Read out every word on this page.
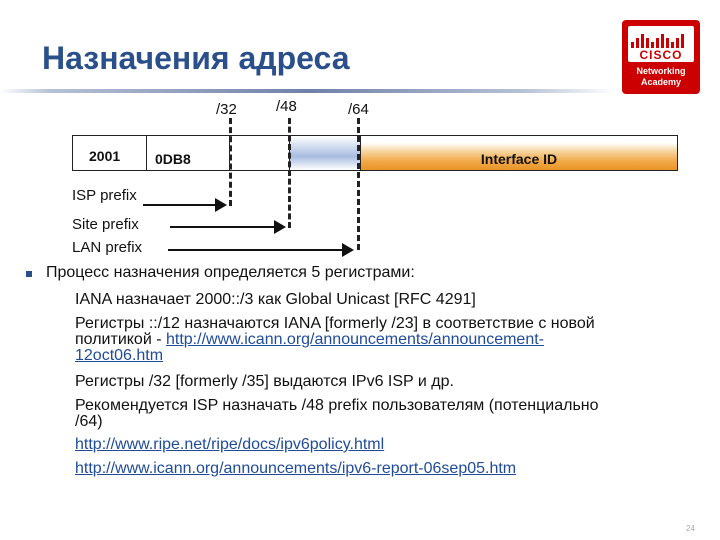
Назначения адреса	CISCO
Networking
Academy
/32	/48	/64
2001	0DB8	Interface ID
ISP prefix
Site prefix
LAN prefix
Процесс назначения определяется 5 регистрами:
IANA назначает 2000::/3 как Global Unicast [RFC 4291]
Регистры ::/12 назначаются IANA [formerly /23] в соответствие с новой
политикой - http://www.icann.org/announcements/announcement-
12oct06.htm
Регистры /32 [formerly /35] выдаются IPv6 ISP и др.
Рекомендуется ISP назначать /48 prefix пользователям (потенциально
/64)
http://www.ripe.net/ripe/docs/ipv6policy.html
http://www.icann.org/announcements/ipv6-report-06sep05.htm
24
